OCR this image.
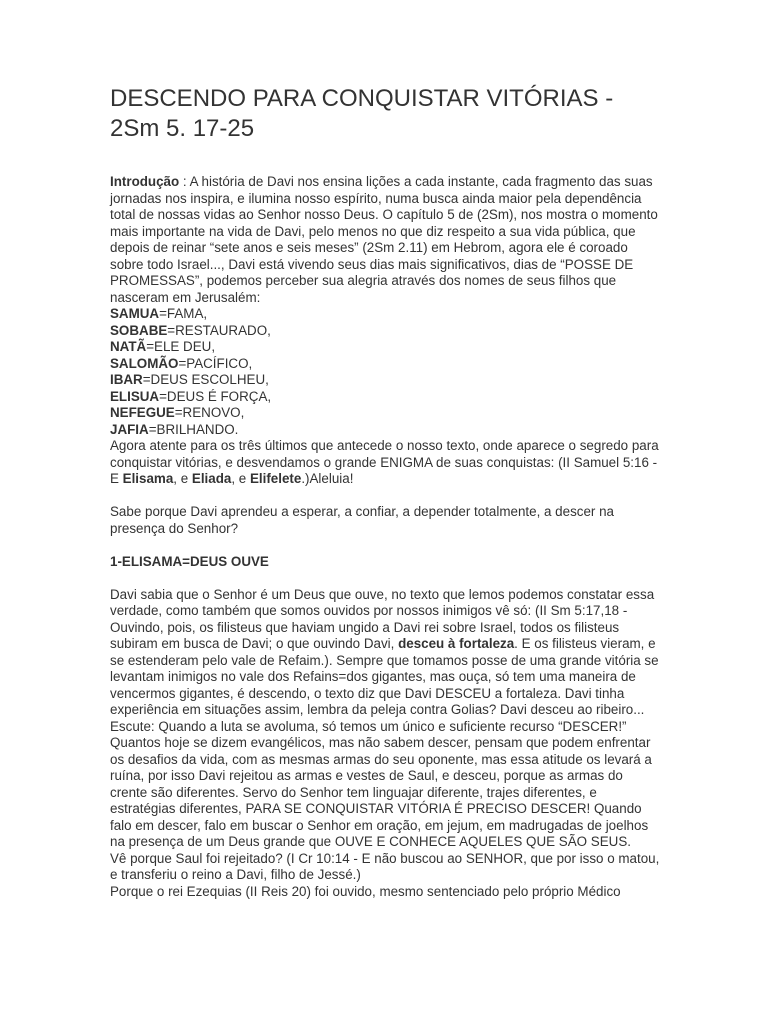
DESCENDO PARA CONQUISTAR VITÓRIAS - 2Sm 5. 17-25

Introdução : A história de Davi nos ensina lições a cada instante, cada fragmento das suas jornadas nos inspira, e ilumina nosso espírito, numa busca ainda maior pela dependência total de nossas vidas ao Senhor nosso Deus. O capítulo 5 de (2Sm), nos mostra o momento mais importante na vida de Davi, pelo menos no que diz respeito a sua vida pública, que depois de reinar “sete anos e seis meses” (2Sm 2.11) em Hebrom, agora ele é coroado sobre todo Israel..., Davi está vivendo seus dias mais significativos, dias de “POSSE DE PROMESSAS”, podemos perceber sua alegria através dos nomes de seus filhos que nasceram em Jerusalém:

SAMUA=FAMA,

SOBABE=RESTAURADO,

NATÃ=ELE DEU,

SALOMÃO=PACÍFICO,

IBAR=DEUS ESCOLHEU,

ELISUA=DEUS É FORÇA,

NEFEGUE=RENOVO,

JAFIA=BRILHANDO.

Agora atente para os três últimos que antecede o nosso texto, onde aparece o segredo para conquistar vitórias, e desvendamos o grande ENIGMA de suas conquistas: (II Samuel 5:16 - E Elisama, e Eliada, e Elifelete.)Aleluia!

Sabe porque Davi aprendeu a esperar, a confiar, a depender totalmente, a descer na presença do Senhor?

1-ELISAMA=DEUS OUVE

Davi sabia que o Senhor é um Deus que ouve, no texto que lemos podemos constatar essa verdade, como também que somos ouvidos por nossos inimigos vê só: (II Sm 5:17,18 - Ouvindo, pois, os filisteus que haviam ungido a Davi rei sobre Israel, todos os filisteus subiram em busca de Davi; o que ouvindo Davi, desceu à fortaleza. E os filisteus vieram, e se estenderam pelo vale de Refaim.). Sempre que tomamos posse de uma grande vitória se levantam inimigos no vale dos Refains=dos gigantes, mas ouça, só tem uma maneira de vencermos gigantes, é descendo, o texto diz que Davi DESCEU a fortaleza. Davi tinha experiência em situações assim, lembra da peleja contra Golias? Davi desceu ao ribeiro... Escute: Quando a luta se avoluma, só temos um único e suficiente recurso “DESCER!”

Quantos hoje se dizem evangélicos, mas não sabem descer, pensam que podem enfrentar os desafios da vida, com as mesmas armas do seu oponente, mas essa atitude os levará a ruína, por isso Davi rejeitou as armas e vestes de Saul, e desceu, porque as armas do crente são diferentes. Servo do Senhor tem linguajar diferente, trajes diferentes, e estratégias diferentes, PARA SE CONQUISTAR VITÓRIA É PRECISO DESCER! Quando falo em descer, falo em buscar o Senhor em oração, em jejum, em madrugadas de joelhos na presença de um Deus grande que OUVE E CONHECE AQUELES QUE SÃO SEUS.

Vê porque Saul foi rejeitado? (I Cr 10:14 - E não buscou ao SENHOR, que por isso o matou, e transferiu o reino a Davi, filho de Jessé.)

Porque o rei Ezequias (II Reis 20) foi ouvido, mesmo sentenciado pelo próprio Médico
